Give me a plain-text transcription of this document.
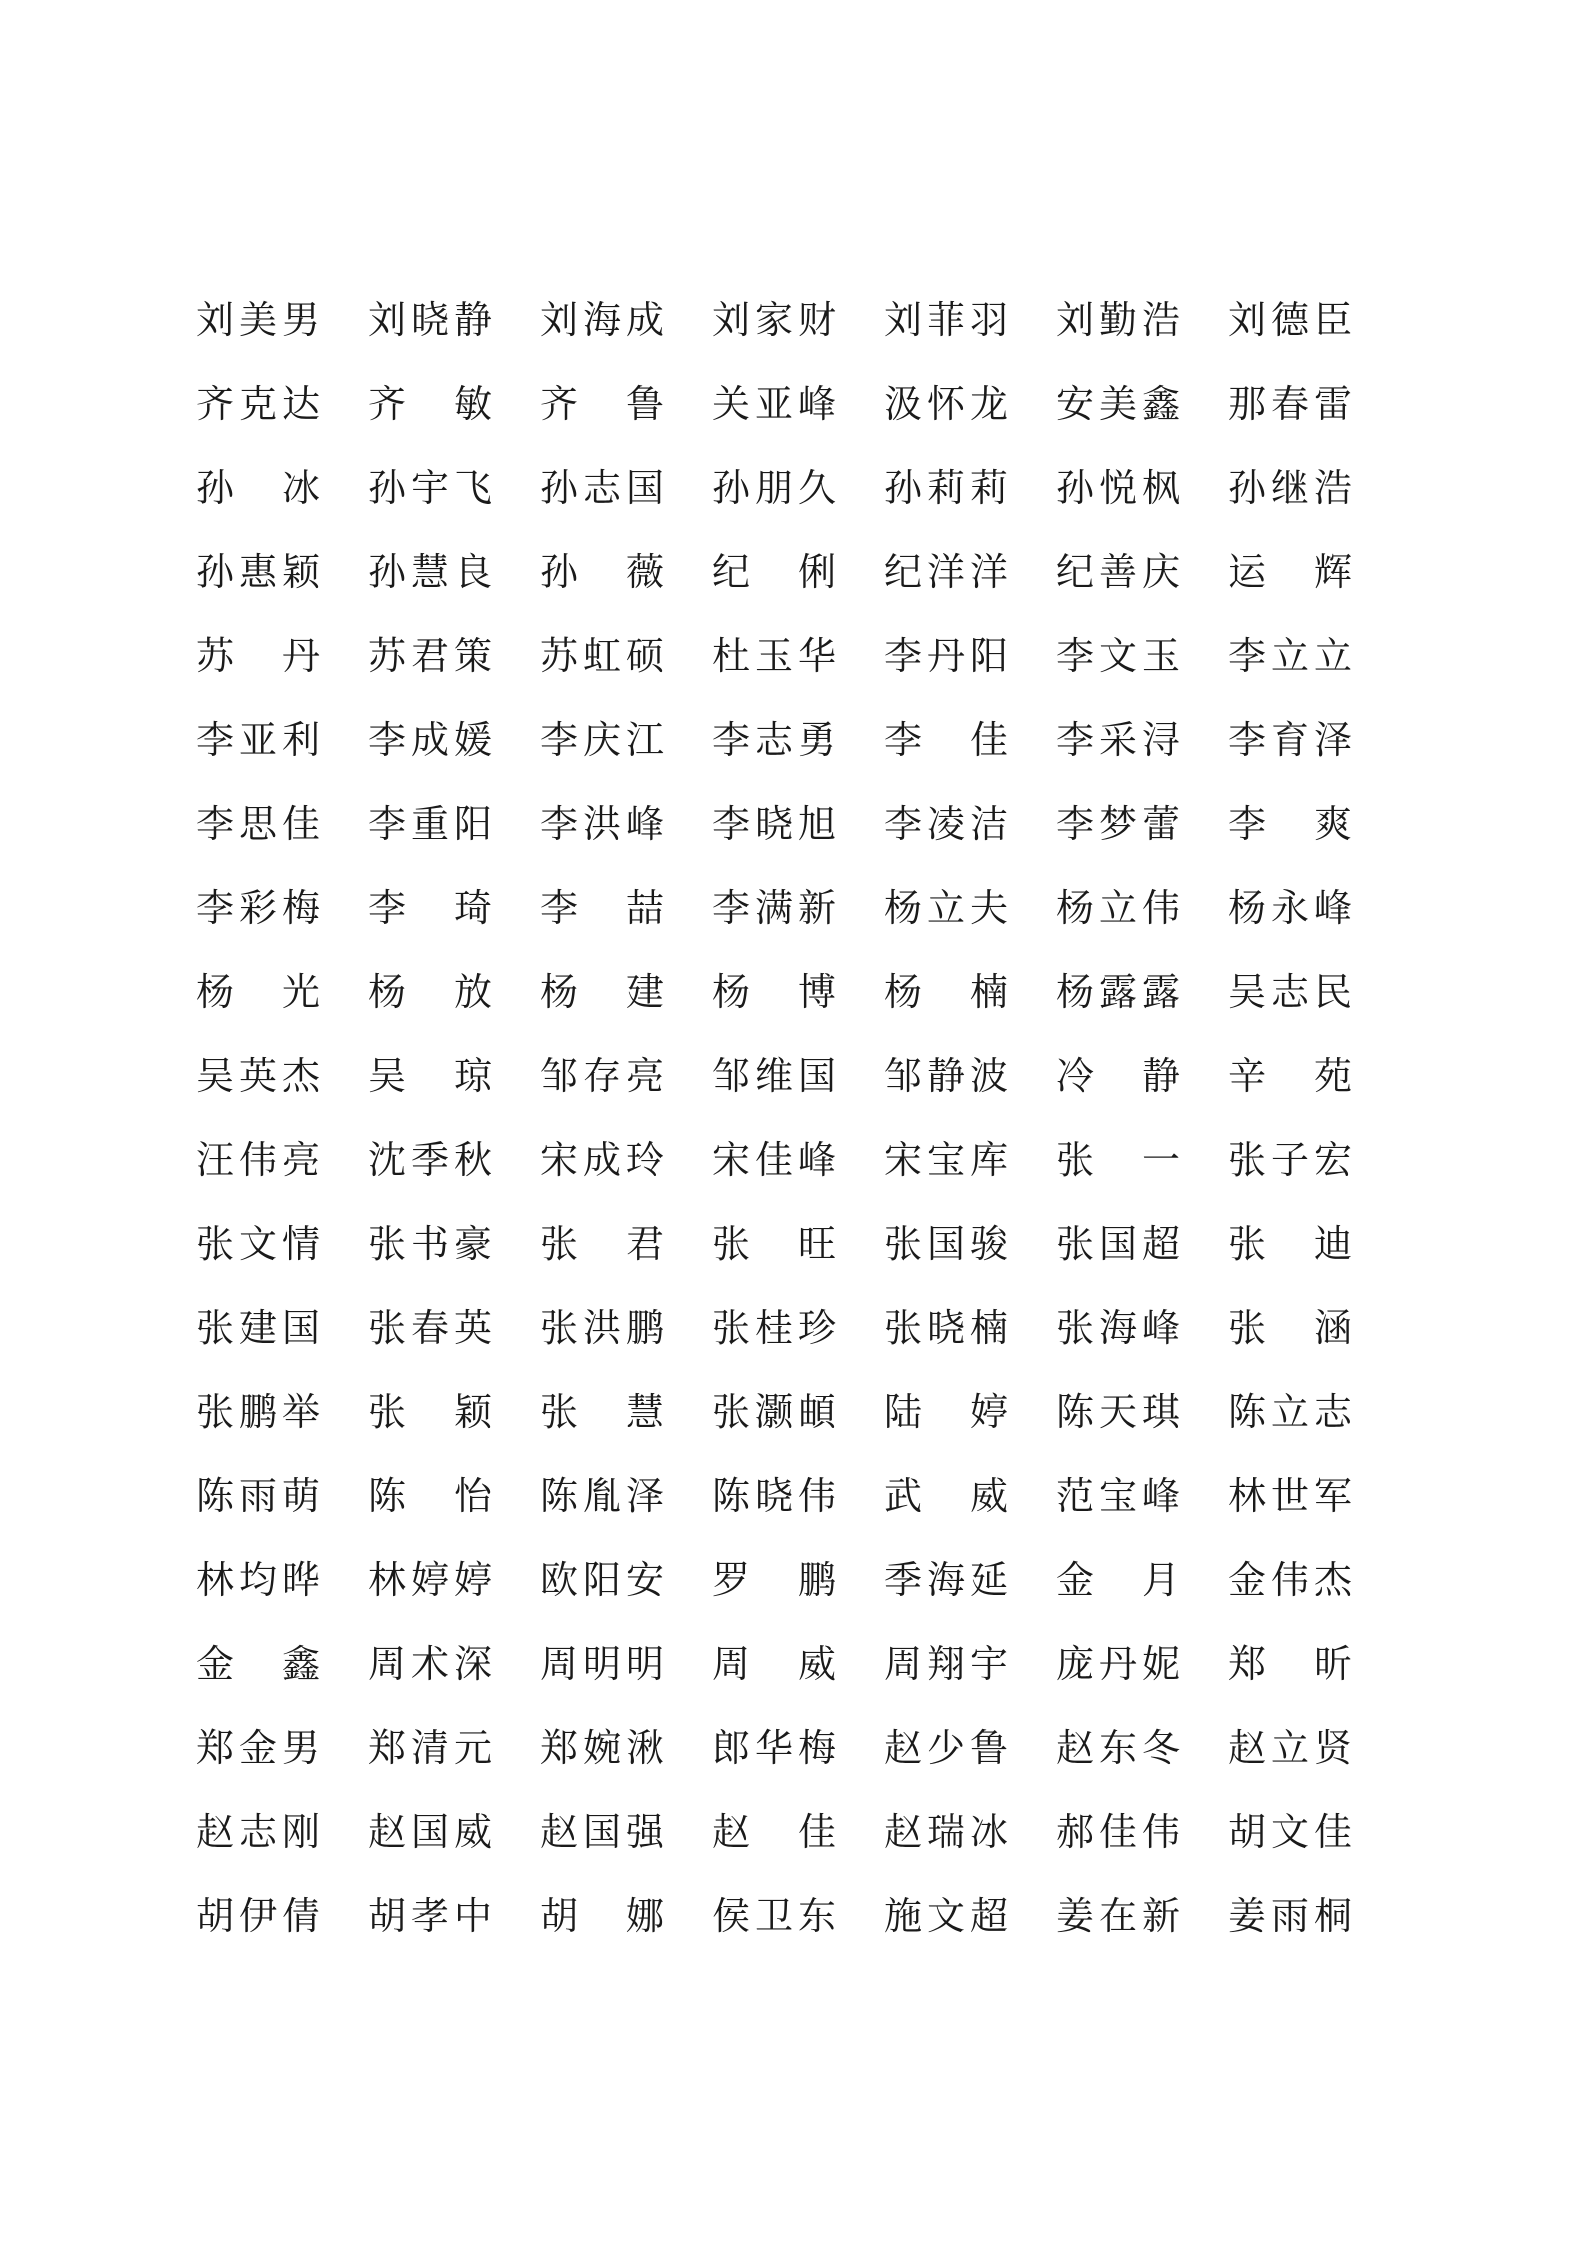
刘 美 男 刘 晓 静 刘 海 成 刘 家 财 刘 菲 羽 刘 勤 浩 刘 德 臣
齐 克 达 齐 敏 齐 鲁 关 亚 峰 汲 怀 龙 安 美 鑫 那 春 雷
孙 冰 孙 宇 飞 孙 志 国 孙 朋 久 孙 莉 莉 孙 悦 枫 孙 继 浩
孙 惠 颖 孙 慧 良 孙 薇 纪 俐 纪 洋 洋 纪 善 庆 运 辉
苏 丹 苏 君 策 苏 虹 硕 杜 玉 华 李 丹 阳 李 文 玉 李 立 立
李 亚 利 李 成 媛 李 庆 江 李 志 勇 李 佳 李 采 浔 李 育 泽
李 思 佳 李 重 阳 李 洪 峰 李 晓 旭 李 凌 洁 李 梦 蕾 李 爽
李 彩 梅 李 琦 李 喆 李 满 新 杨 立 夫 杨 立 伟 杨 永 峰
杨 光 杨 放 杨 建 杨 博 杨 楠 杨 露 露 吴 志 民
吴 英 杰 吴 琼 邹 存 亮 邹 维 国 邹 静 波 冷 静 辛 苑
汪 伟 亮 沈 季 秋 宋 成 玲 宋 佳 峰 宋 宝 库 张 一 张 子 宏
张 文 情 张 书 豪 张 君 张 旺 张 国 骏 张 国 超 张 迪
张 建 国 张 春 英 张 洪 鹏 张 桂 珍 张 晓 楠 张 海 峰 张 涵
张 鹏 举 张 颖 张 慧 张 灏 頔 陆 婷 陈 天 琪 陈 立 志
陈 雨 萌 陈 怡 陈 胤 泽 陈 晓 伟 武 威 范 宝 峰 林 世 军
林 均 晔 林 婷 婷 欧 阳 安 罗 鹏 季 海 延 金 月 金 伟 杰
金 鑫 周 术 深 周 明 明 周 威 周 翔 宇 庞 丹 妮 郑 昕
郑 金 男 郑 清 元 郑 婉 湫 郎 华 梅 赵 少 鲁 赵 东 冬 赵 立 贤
赵 志 刚 赵 国 威 赵 国 强 赵 佳 赵 瑞 冰 郝 佳 伟 胡 文 佳
胡 伊 倩 胡 孝 中 胡 娜 侯 卫 东 施 文 超 姜 在 新 姜 雨 桐
